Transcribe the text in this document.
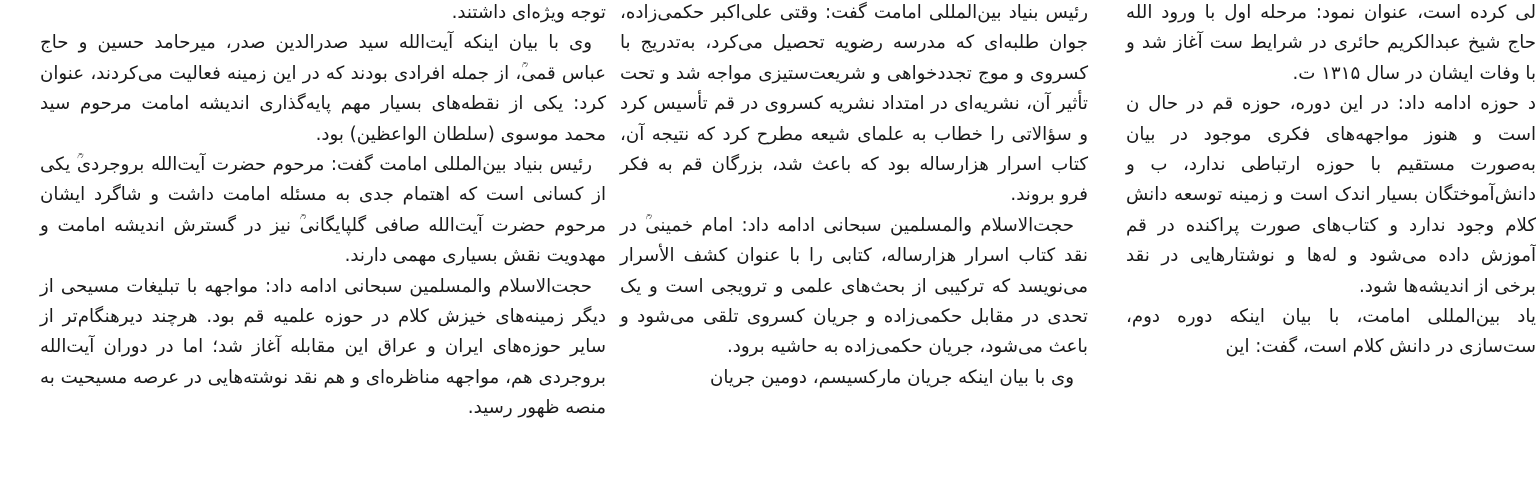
لی کرده است، عنوان نمود: مرحله اول با ورود الله حاج شیخ عبدالکریم حائری در شرایط ست آغاز شد و با وفات ایشان در سال ۱۳۱۵ ت.

د حوزه ادامه داد: در این دوره، حوزه قم در حال ن است و هنوز مواجهه‌های فکری موجود در بیان به‌صورت مستقیم با حوزه ارتباطی ندارد، ب و دانش‌آموختگان بسیار اندک است و زمینه توسعه دانش کلام وجود ندارد و کتاب‌های صورت پراکنده در قم آموزش داده می‌شود و له‌ها و نوشتارهایی در نقد برخی از اندیشه‌ها شود.

یاد بین‌المللی امامت، با بیان اینکه دوره دوم، ست‌سازی در دانش کلام است، گفت: این

رئیس بنیاد بین‌المللی امامت گفت: وقتی علی‌اکبر حکمی‌زاده، جوان طلبه‌ای که مدرسه رضویه تحصیل می‌کرد، به‌تدریج با کسروی و موج تجددخواهی و شریعت‌ستیزی مواجه شد و تحت تأثیر آن، نشریه‌ای در امتداد نشریه کسروی در قم تأسیس کرد و سؤالاتی را خطاب به علمای شیعه مطرح کرد که نتیجه آن، کتاب اسرار هزارساله بود که باعث شد، بزرگان قم به فکر فرو بروند.

حجت‌الاسلام والمسلمین سبحانی ادامه داد: امام خمینی‌ؒ در نقد کتاب اسرار هزارساله، کتابی را با عنوان کشف الأسرار می‌نویسد که ترکیبی از بحث‌های علمی و ترویجی است و یک تحدی در مقابل حکمی‌زاده و جریان کسروی تلقی می‌شود و باعث می‌شود، جریان حکمی‌زاده به حاشیه برود.

وی با بیان اینکه جریان مارکسیسم، دومین جریان

توجه ویژه‌ای داشتند.

وی با بیان اینکه آیت‌الله سید صدرالدین صدر، میرحامد حسین و حاج عباس قمی‌ؒ، از جمله افرادی بودند که در این زمینه فعالیت می‌کردند، عنوان کرد: یکی از نقطه‌های بسیار مهم پایه‌گذاری اندیشه امامت مرحوم سید محمد موسوی (سلطان الواعظین) بود.

رئیس بنیاد بین‌المللی امامت گفت: مرحوم حضرت آیت‌الله بروجردی‌ؒ یکی از کسانی است که اهتمام جدی به مسئله امامت داشت و شاگرد ایشان مرحوم حضرت آیت‌الله صافی گلپایگانی‌ؒ نیز در گسترش اندیشه امامت و مهدویت نقش بسیاری مهمی دارند.

حجت‌الاسلام والمسلمین سبحانی ادامه داد: مواجهه با تبلیغات مسیحی از دیگر زمینه‌های خیزش کلام در حوزه علمیه قم بود. هرچند دیرهنگام‌تر از سایر حوزه‌های ایران و عراق این مقابله آغاز شد؛ اما در دوران آیت‌الله بروجردی هم، مواجهه مناظره‌ای و هم نقد نوشته‌هایی در عرصه مسیحیت به منصه ظهور رسید.
